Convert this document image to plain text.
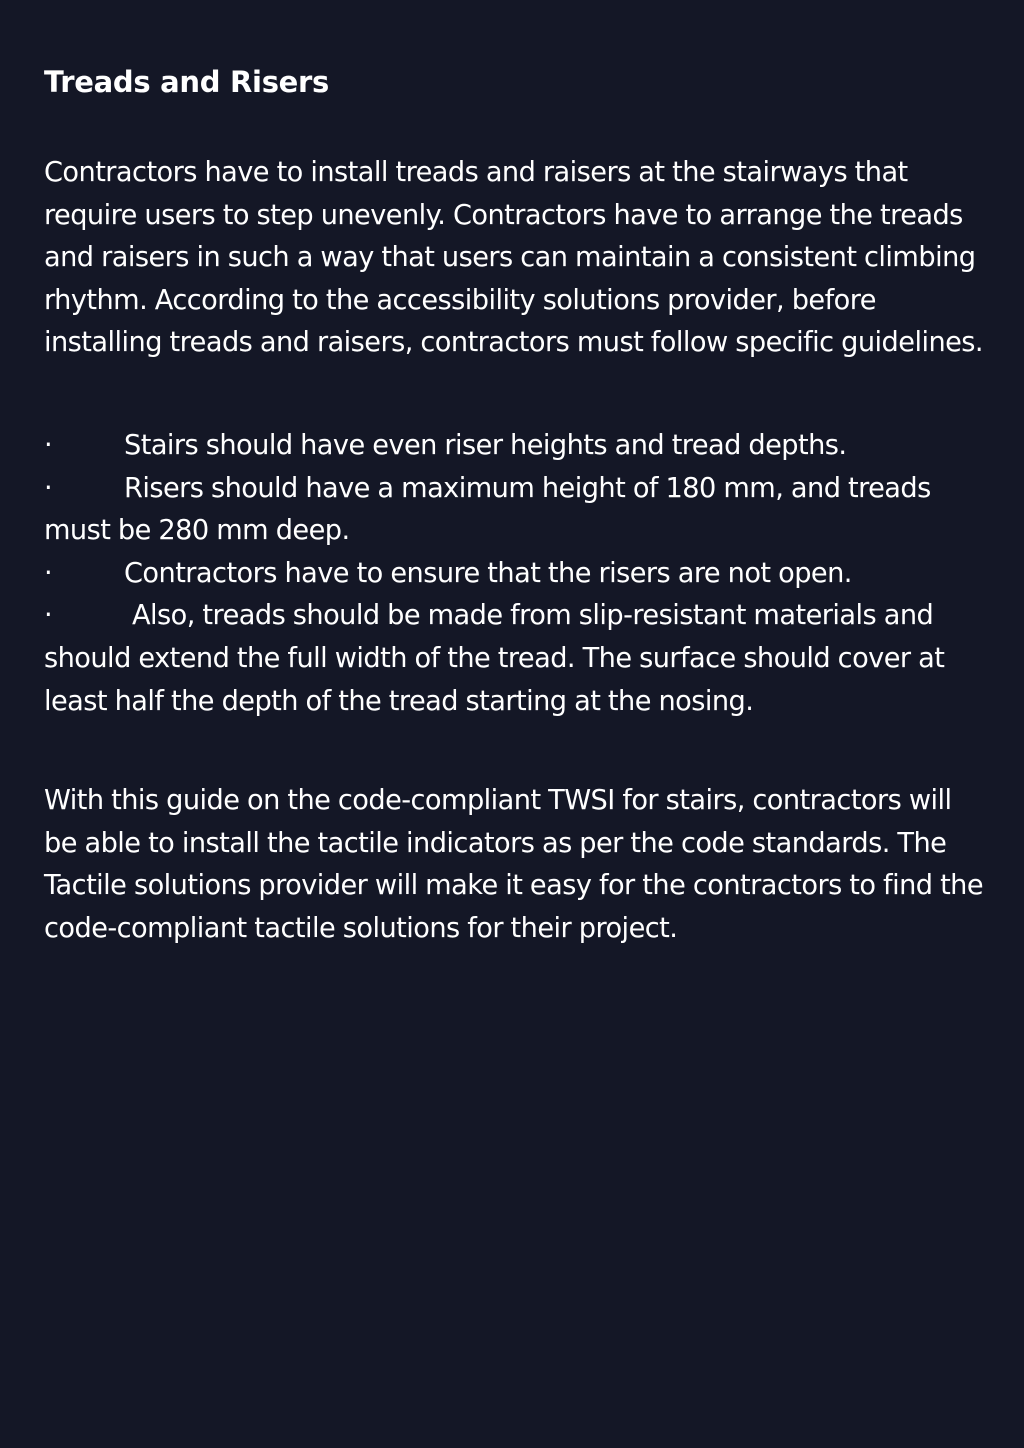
Treads and Risers

Contractors have to install treads and raisers at the stairways that require users to step unevenly. Contractors have to arrange the treads and raisers in such a way that users can maintain a consistent climbing rhythm. According to the accessibility solutions provider, before installing treads and raisers, contractors must follow specific guidelines.

·	Stairs should have even riser heights and tread depths.
·	Risers should have a maximum height of 180 mm, and treads must be 280 mm deep.
·	Contractors have to ensure that the risers are not open.
·	Also, treads should be made from slip-resistant materials and should extend the full width of the tread. The surface should cover at least half the depth of the tread starting at the nosing.

With this guide on the code-compliant TWSI for stairs, contractors will be able to install the tactile indicators as per the code standards. The Tactile solutions provider will make it easy for the contractors to find the code-compliant tactile solutions for their project.
